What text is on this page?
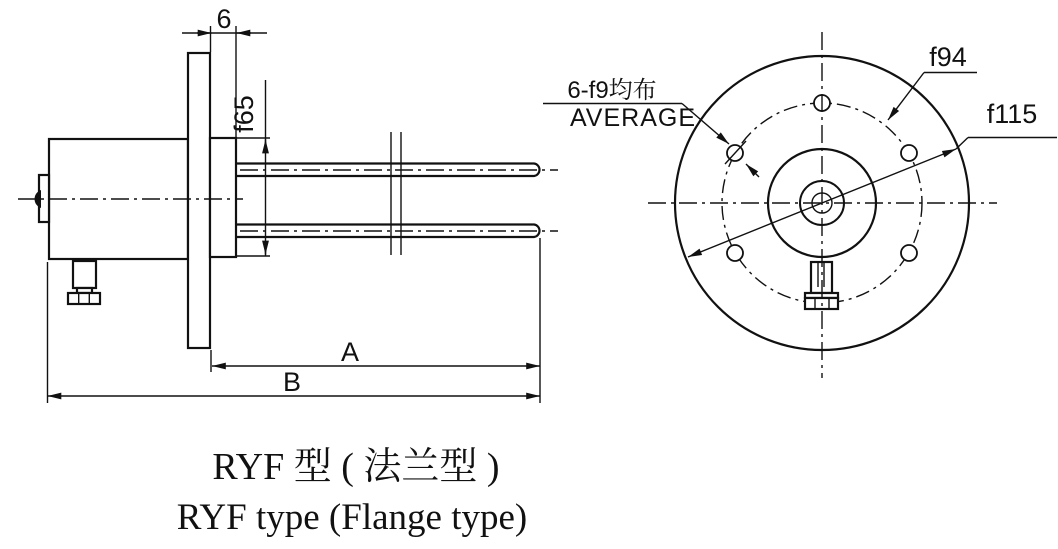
6
f65
A
B
6-f9均布
AVERAGE
f94
f115
RYF 型 ( 法兰型 )
RYF type (Flange type)
